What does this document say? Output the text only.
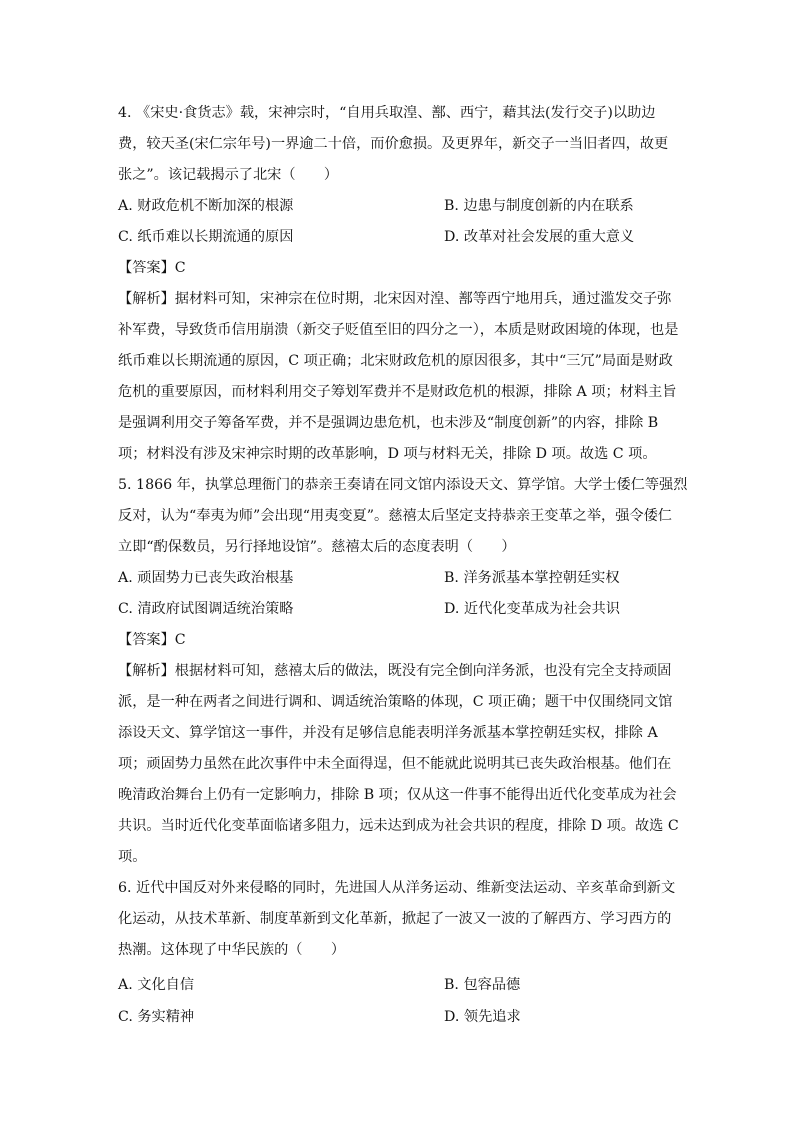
4. 《宋史·食货志》载，宋神宗时，“自用兵取湟、鄯、西宁，藉其法(发行交子)以助边
费，较天圣(宋仁宗年号)一界逾二十倍，而价愈损。及更界年，新交子一当旧者四，故更
张之”。该记载揭示了北宋（　　）
A. 财政危机不断加深的根源	B. 边患与制度创新的内在联系
C. 纸币难以长期流通的原因	D. 改革对社会发展的重大意义
【答案】C
【解析】据材料可知，宋神宗在位时期，北宋因对湟、鄯等西宁地用兵，通过滥发交子弥
补军费，导致货币信用崩溃（新交子贬值至旧的四分之一），本质是财政困境的体现，也是
纸币难以长期流通的原因，C 项正确；北宋财政危机的原因很多，其中“三冗”局面是财政
危机的重要原因，而材料利用交子筹划军费并不是财政危机的根源，排除 A 项；材料主旨
是强调利用交子筹备军费，并不是强调边患危机，也未涉及“制度创新”的内容，排除 B
项；材料没有涉及宋神宗时期的改革影响，D 项与材料无关，排除 D 项。故选 C 项。
5. 1866 年，执掌总理衙门的恭亲王奏请在同文馆内添设天文、算学馆。大学士倭仁等强烈
反对，认为“奉夷为师”会出现“用夷变夏”。慈禧太后坚定支持恭亲王变革之举，强令倭仁
立即“酌保数员，另行择地设馆”。慈禧太后的态度表明（　　）
A. 顽固势力已丧失政治根基	B. 洋务派基本掌控朝廷实权
C. 清政府试图调适统治策略	D. 近代化变革成为社会共识
【答案】C
【解析】根据材料可知，慈禧太后的做法，既没有完全倒向洋务派，也没有完全支持顽固
派，是一种在两者之间进行调和、调适统治策略的体现，C 项正确；题干中仅围绕同文馆
添设天文、算学馆这一事件，并没有足够信息能表明洋务派基本掌控朝廷实权，排除 A
项；顽固势力虽然在此次事件中未全面得逞，但不能就此说明其已丧失政治根基。他们在
晚清政治舞台上仍有一定影响力，排除 B 项；仅从这一件事不能得出近代化变革成为社会
共识。当时近代化变革面临诸多阻力，远未达到成为社会共识的程度，排除 D 项。故选 C
项。
6. 近代中国反对外来侵略的同时，先进国人从洋务运动、维新变法运动、辛亥革命到新文
化运动，从技术革新、制度革新到文化革新，掀起了一波又一波的了解西方、学习西方的
热潮。这体现了中华民族的（　　）
A. 文化自信	B. 包容品德
C. 务实精神	D. 领先追求
